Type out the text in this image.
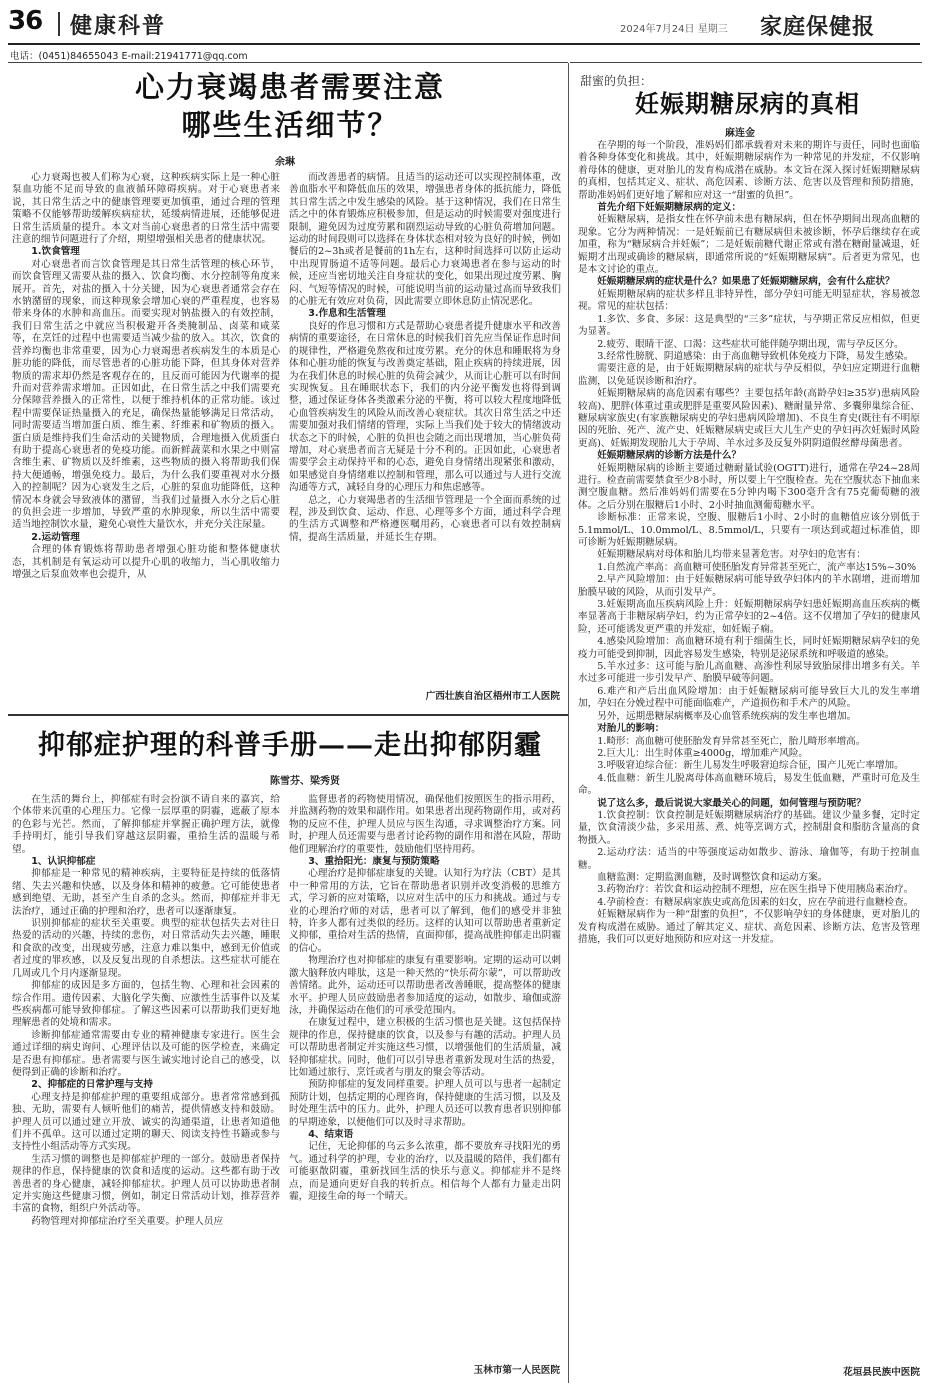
36 健康科普	2024年7月24日 星期三 家庭保健报
电话：(0451)84655043 E-mail:21941771@qq.com
心力衰竭患者需要注意
哪些生活细节？
余琳

心力衰竭也被人们称为心衰，这种疾病实际上是一种心脏泵血功能不足而导致的血液循环障碍疾病。对于心衰患者来说，其日常生活之中的健康管理要更加慎重，通过合理的管理策略不仅能够帮助缓解疾病症状，延缓病情进展，还能够促进日常生活质量的提升。本文对当前心衰患者的日常生活中需要注意的细节问题进行了介绍，期望增强相关患者的健康状况。

1.饮食管理

对心衰患者而言饮食管理是其日常生活管理的核心环节，而饮食管理又需要从盐的摄入、饮食均衡、水分控制等角度来展开。首先，对盐的摄入十分关键，因为心衰患者通常会存在水钠潴留的现象，而这种现象会增加心衰的严重程度，也容易带来身体的水肿和高血压。而要实现对钠盐摄入的有效控制，我们日常生活之中就应当积极避开各类腌制品、卤菜和咸菜等，在烹饪的过程中也需要适当减少盐的放入。其次，饮食的营养均衡也非常重要，因为心力衰竭患者疾病发生的本质是心脏功能的降低，而尽管患者的心脏功能下降，但其身体对营养物质的需求却仍然是客观存在的，且反而可能因为代谢率的提升而对营养需求增加。正因如此，在日常生活之中我们需要充分保障营养摄入的正常性，以便于维持机体的正常功能。该过程中需要保证热量摄入的充足，确保热量能够满足日常活动，同时需要适当增加蛋白质、维生素、纤维素和矿物质的摄入。蛋白质是维持我们生命活动的关键物质，合理地摄入优质蛋白有助于提高心衰患者的免疫功能。而新鲜蔬菜和水果之中则富含维生素、矿物质以及纤维素，这些物质的摄入将帮助我们保持大便通畅，增强免疫力。最后，为什么我们要重视对水分摄入的控制呢？因为心衰发生之后，心脏的泵血功能降低，这种情况本身就会导致液体的潴留，当我们过量摄入水分之后心脏的负担会进一步增加，导致严重的水肿现象，所以生活中需要适当地控制饮水量，避免心衰性大量饮水，并充分关注尿量。

2.运动管理

合理的体育锻炼将帮助患者增强心脏功能和整体健康状态，其机制是有氧运动可以提升心肌的收缩力，当心肌收缩力增强之后泵血效率也会提升，从

而改善患者的病情。且适当的运动还可以实现控制体重，改善血脂水平和降低血压的效果，增强患者身体的抵抗能力，降低其日常生活之中发生感染的风险。基于这种情况，我们在日常生活之中的体育锻炼应积极参加，但是运动的时候需要对强度进行限制，避免因为过度劳累和剧烈运动导致的心脏负荷增加问题。运动的时间段则可以选择在身体状态相对较为良好的时候，例如餐后的2~3h或者是餐前的1h左右，这种时间选择可以防止运动中出现胃肠道不适等问题。最后心力衰竭患者在参与运动的时候，还应当密切地关注自身症状的变化，如果出现过度劳累、胸闷、气短等情况的时候，可能说明当前的运动量过高而导致我们的心脏无有效应对负荷，因此需要立即休息防止情况恶化。

3.作息和生活管理

良好的作息习惯和方式是帮助心衰患者提升健康水平和改善病情的重要途径，在日常休息的时候我们首先应当保证作息时间的规律性，严格避免熬夜和过度劳累。充分的休息和睡眠将为身体和心脏功能的恢复与改善奠定基础，阻止疾病的持续进展，因为在我们休息的时候心脏的负荷会减少，从而让心脏可以有时间实现恢复。且在睡眠状态下，我们的内分泌平衡发也将得到调整，通过保证身体各类激素分泌的平衡，将可以较大程度地降低心血管疾病发生的风险从而改善心衰症状。其次日常生活之中还需要加强对我们情绪的管理，实际上当我们处于较大的情绪波动状态之下的时候，心脏的负担也会随之而出现增加，当心脏负荷增加，对心衰患者而言无疑是十分不利的。正因如此，心衰患者需要学会主动保持平和的心态，避免自身情绪出现紧张和激动，如果感觉自身情绪难以控制和管理，那么可以通过与人进行交流沟通等方式，减轻自身的心理压力和焦虑感等。

总之，心力衰竭患者的生活细节管理是一个全面而系统的过程，涉及到饮食、运动、作息、心理等多个方面，通过科学合理的生活方式调整和严格遵医嘱用药，心衰患者可以有效控制病情，提高生活质量，并延长生存期。

广西壮族自治区梧州市工人医院
抑郁症护理的科普手册——走出抑郁阴霾
陈雪芬、梁秀贤

在生活的舞台上，抑郁症有时会扮演不请自来的嘉宾，给个体带来沉重的心理压力。它像一层厚重的阴霾，遮蔽了原本的色彩与光芒。然而，了解抑郁症并掌握正确护理方法，就像手持明灯，能引导我们穿越这层阴霾，重拾生活的温暖与希望。

1、认识抑郁症

抑郁症是一种常见的精神疾病，主要特征是持续的低落情绪、失去兴趣和快感，以及身体和精神的疲惫。它可能使患者感到绝望、无助，甚至产生自杀的念头。然而，抑郁症并非无法治疗，通过正确的护理和治疗，患者可以逐渐康复。

识别抑郁症的症状至关重要。典型的症状包括失去对往日热爱的活动的兴趣，持续的悲伤，对日常活动失去兴趣，睡眠和食欲的改变，出现疲劳感，注意力难以集中，感到无价值或者过度的罪疚感，以及反复出现的自杀想法。这些症状可能在几周或几个月内逐渐显现。

抑郁症的成因是多方面的，包括生物、心理和社会因素的综合作用。遗传因素、大脑化学失衡、应激性生活事件以及某些疾病都可能导致抑郁症。了解这些因素可以帮助我们更好地理解患者的处境和需求。

诊断抑郁症通常需要由专业的精神健康专家进行。医生会通过详细的病史询问、心理评估以及可能的医学检查，来确定是否患有抑郁症。患者需要与医生诚实地讨论自己的感受，以便得到正确的诊断和治疗。

2、抑郁症的日常护理与支持

心理支持是抑郁症护理的重要组成部分。患者常常感到孤独、无助，需要有人倾听他们的痛苦，提供情感支持和鼓励。护理人员可以通过建立开放、诚实的沟通渠道，让患者知道他们并不孤单。这可以通过定期的聊天、阅读支持性书籍或参与支持性小组活动等方式实现。

生活习惯的调整也是抑郁症护理的一部分。鼓励患者保持规律的作息，保持健康的饮食和适度的运动。这些都有助于改善患者的身心健康，减轻抑郁症状。护理人员可以协助患者制定并实施这些健康习惯，例如，制定日常活动计划，推荐营养丰富的食物，组织户外活动等。

药物管理对抑郁症治疗至关重要。护理人员应

监督患者的药物使用情况，确保他们按照医生的指示用药，并监测药物的效果和副作用。如果患者出现药物副作用，或对药物的反应不佳，护理人员应与医生沟通，寻求调整治疗方案。同时，护理人员还需要与患者讨论药物的副作用和潜在风险，帮助他们理解治疗的重要性，鼓励他们坚持用药。

3、重拾阳光：康复与预防策略

心理治疗是抑郁症康复的关键。认知行为疗法（CBT）是其中一种常用的方法，它旨在帮助患者识别并改变消极的思维方式，学习新的应对策略，以应对生活中的压力和挑战。通过与专业的心理治疗师的对话，患者可以了解到，他们的感受并非独特，许多人都有过类似的经历。这样的认知可以帮助患者重新定义抑郁，重拾对生活的热情，直面抑郁，提高战胜抑郁走出阴霾的信心。

物理治疗也对抑郁症的康复有重要影响。定期的运动可以刺激大脑释放内啡肽，这是一种天然的“快乐荷尔蒙”，可以帮助改善情绪。此外，运动还可以帮助患者改善睡眠，提高整体的健康水平。护理人员应鼓励患者参加适度的运动，如散步、瑜伽或游泳，并确保运动在他们的可承受范围内。

在康复过程中，建立积极的生活习惯也是关键。这包括保持规律的作息，保持健康的饮食，以及参与有趣的活动。护理人员可以帮助患者制定并实施这些习惯，以增强他们的生活质量，减轻抑郁症状。同时，他们可以引导患者重新发现对生活的热爱，比如通过旅行、烹饪或者与朋友的聚会等活动。

预防抑郁症的复发同样重要。护理人员可以与患者一起制定预防计划，包括定期的心理咨询，保持健康的生活习惯，以及及时处理生活中的压力。此外，护理人员还可以教育患者识别抑郁的早期迹象，以便他们可以及时寻求帮助。

4、结束语

记住，无论抑郁的乌云多么浓重，都不要放弃寻找阳光的勇气。通过科学的护理，专业的治疗，以及温暖的陪伴，我们都有可能驱散阴霾，重新找回生活的快乐与意义。抑郁症并不是终点，而是通向更好自我的转折点。相信每个人都有力量走出阴霾，迎接生命的每一个晴天。

玉林市第一人民医院
甜蜜的负担：
妊娠期糖尿病的真相
麻连金

在孕期的每一个阶段，准妈妈们都承载着对未来的期许与责任，同时也面临着各种身体变化和挑战。其中，妊娠期糖尿病作为一种常见的并发症，不仅影响着母体的健康，更对胎儿的发育构成潜在威胁。本文旨在深入探讨妊娠期糖尿病的真相，包括其定义、症状、高危因素、诊断方法、危害以及管理和预防措施，帮助准妈妈们更好地了解和应对这一“甜蜜的负担”。

首先介绍下妊娠期糖尿病的定义：

妊娠糖尿病，是指女性在怀孕前未患有糖尿病，但在怀孕期间出现高血糖的现象。它分为两种情况：一是妊娠前已有糖尿病但未被诊断，怀孕后继续存在或加重，称为“糖尿病合并妊娠”；二是妊娠前糖代谢正常或有潜在糖耐量减退，妊娠期才出现或确诊的糖尿病，即通常所说的“妊娠期糖尿病”。后者更为常见，也是本文讨论的重点。

妊娠期糖尿病的症状是什么？如果患了妊娠期糖尿病，会有什么症状？

妊娠期糖尿病的症状多样且非特异性，部分孕妇可能无明显症状，容易被忽视。常见的症状包括：

1.多饮、多食、多尿：这是典型的“三多”症状，与孕期正常反应相似，但更为显著。

2.疲劳、眼睛干涩、口渴：这些症状可能伴随孕期出现，需与孕反区分。

3.经常性膀胱、阴道感染：由于高血糖导致机体免疫力下降，易发生感染。

需要注意的是，由于妊娠期糖尿病的症状与孕反相似，孕妇应定期进行血糖监测，以免延误诊断和治疗。

妊娠期糖尿病的高危因素有哪些？主要包括年龄(高龄孕妇≥35岁)患病风险较高)、肥胖(体重过重或肥胖是重要风险因素)、糖耐量异常、多囊卵巢综合征、糖尿病家族史(有家族糖尿病史的孕妇患病风险增加)、不良生育史(既往有不明原因的死胎、死产、流产史、妊娠糖尿病史或巨大儿生产史的孕妇再次妊娠时风险更高)、妊娠期发现胎儿大于孕周、羊水过多及反复外阴阴道假丝酵母菌患者。

妊娠期糖尿病的诊断方法是什么？

妊娠期糖尿病的诊断主要通过糖耐量试验(OGTT)进行，通常在孕24~28周进行。检查前需要禁食至少8小时，所以要上午空腹检查。先在空腹状态下抽血来测空腹血糖。然后准妈妈们需要在5分钟内喝下300毫升含有75克葡萄糖的液体。之后分别在服糖后1小时、2小时抽血测葡萄糖水平。

诊断标准：正常来说，空腹、服糖后1小时、2小时的血糖值应该分别低于5.1mmol/L、10.0mmol/L、8.5mmol/L，只要有一项达到或超过标准值，即可诊断为妊娠期糖尿病。

妊娠期糖尿病对母体和胎儿均带来显著危害。对孕妇的危害有：

1.自然流产率高：高血糖可使胚胎发育异常甚至死亡，流产率达15%~30%

2.早产风险增加：由于妊娠糖尿病可能导致孕妇体内的羊水剧增，进而增加胎膜早破的风险，从而引发早产。

3.妊娠期高血压疾病风险上升：妊娠期糖尿病孕妇患妊娠期高血压疾病的概率显著高于非糖尿病孕妇，约为正常孕妇的2~4倍。这不仅增加了孕妇的健康风险，还可能诱发更严重的并发症，如妊娠子痫。

4.感染风险增加：高血糖环境有利于细菌生长，同时妊娠期糖尿病孕妇的免疫力可能受到抑制，因此容易发生感染，特别是泌尿系统和呼吸道的感染。

5.羊水过多：这可能与胎儿高血糖、高渗性利尿导致胎尿排出增多有关。羊水过多可能进一步引发早产、胎膜早破等问题。

6.难产和产后出血风险增加：由于妊娠糖尿病可能导致巨大儿的发生率增加，孕妇在分娩过程中可能面临难产，产道损伤和手术产的风险。

另外，远期患糖尿病概率及心血管系统疾病的发生率也增加。

对胎儿的影响：

1.畸形：高血糖可使胚胎发育异常甚至死亡，胎儿畸形率增高。

2.巨大儿：出生时体重≥4000g，增加难产风险。

3.呼吸窘迫综合征：新生儿易发生呼吸窘迫综合征，围产儿死亡率增加。

4.低血糖：新生儿脱离母体高血糖环境后，易发生低血糖，严重时可危及生命。

说了这么多，最后说说大家最关心的问题，如何管理与预防呢？

1.饮食控制：饮食控制是妊娠期糖尿病治疗的基础。建议少量多餐，定时定量，饮食清淡少盐，多采用蒸、煮、炖等烹调方式，控制甜食和脂肪含量高的食物摄入。

2.运动疗法：适当的中等强度运动如散步、游泳、瑜伽等，有助于控制血糖。

血糖监测：定期监测血糖，及时调整饮食和运动方案。

3.药物治疗：若饮食和运动控制不理想，应在医生指导下使用胰岛素治疗。

4.孕前检查：有糖尿病家族史或高危因素的妇女，应在孕前进行血糖检查。

妊娠糖尿病作为一种“甜蜜的负担”，不仅影响孕妇的身体健康，更对胎儿的发育构成潜在威胁。通过了解其定义、症状、高危因素、诊断方法、危害及管理措施，我们可以更好地预防和应对这一并发症。

花垣县民族中医院
